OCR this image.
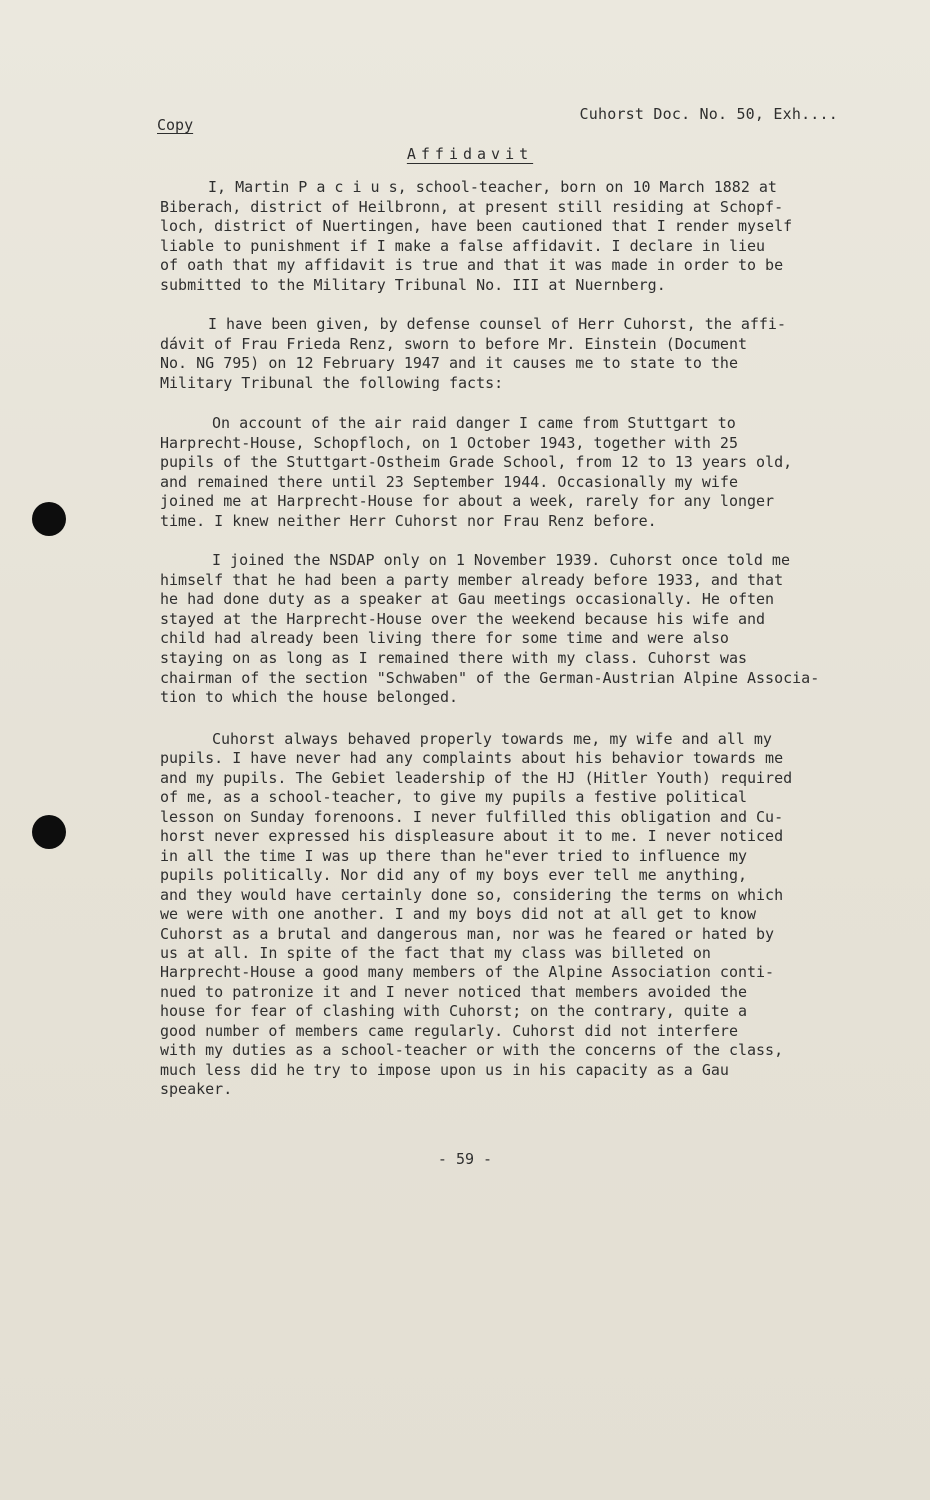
Copy
Cuhorst Doc. No. 50, Exh....
Affidavit

I, Martin P a c i u s, school-teacher, born on 10 March 1882 at
Biberach, district of Heilbronn, at present still residing at Schopf-
loch, district of Nuertingen, have been cautioned that I render myself
liable to punishment if I make a false affidavit. I declare in lieu
of oath that my affidavit is true and that it was made in order to be
submitted to the Military Tribunal No. III at Nuernberg.

I have been given, by defense counsel of Herr Cuhorst, the affi-
dávit of Frau Frieda Renz, sworn to before Mr. Einstein (Document
No. NG 795) on 12 February 1947 and it causes me to state to the
Military Tribunal the following facts:

On account of the air raid danger I came from Stuttgart to
Harprecht-House, Schopfloch, on 1 October 1943, together with 25
pupils of the Stuttgart-Ostheim Grade School, from 12 to 13 years old,
and remained there until 23 September 1944. Occasionally my wife
joined me at Harprecht-House for about a week, rarely for any longer
time. I knew neither Herr Cuhorst nor Frau Renz before.

I joined the NSDAP only on 1 November 1939. Cuhorst once told me
himself that he had been a party member already before 1933, and that
he had done duty as a speaker at Gau meetings occasionally. He often
stayed at the Harprecht-House over the weekend because his wife and
child had already been living there for some time and were also
staying on as long as I remained there with my class. Cuhorst was
chairman of the section "Schwaben" of the German-Austrian Alpine Associa-
tion to which the house belonged.

Cuhorst always behaved properly towards me, my wife and all my
pupils. I have never had any complaints about his behavior towards me
and my pupils. The Gebiet leadership of the HJ (Hitler Youth) required
of me, as a school-teacher, to give my pupils a festive political
lesson on Sunday forenoons. I never fulfilled this obligation and Cu-
horst never expressed his displeasure about it to me. I never noticed
in all the time I was up there than he"ever tried to influence my
pupils politically. Nor did any of my boys ever tell me anything,
and they would have certainly done so, considering the terms on which
we were with one another. I and my boys did not at all get to know
Cuhorst as a brutal and dangerous man, nor was he feared or hated by
us at all. In spite of the fact that my class was billeted on
Harprecht-House a good many members of the Alpine Association conti-
nued to patronize it and I never noticed that members avoided the
house for fear of clashing with Cuhorst; on the contrary, quite a
good number of members came regularly. Cuhorst did not interfere
with my duties as a school-teacher or with the concerns of the class,
much less did he try to impose upon us in his capacity as a Gau
speaker.

- 59 -
